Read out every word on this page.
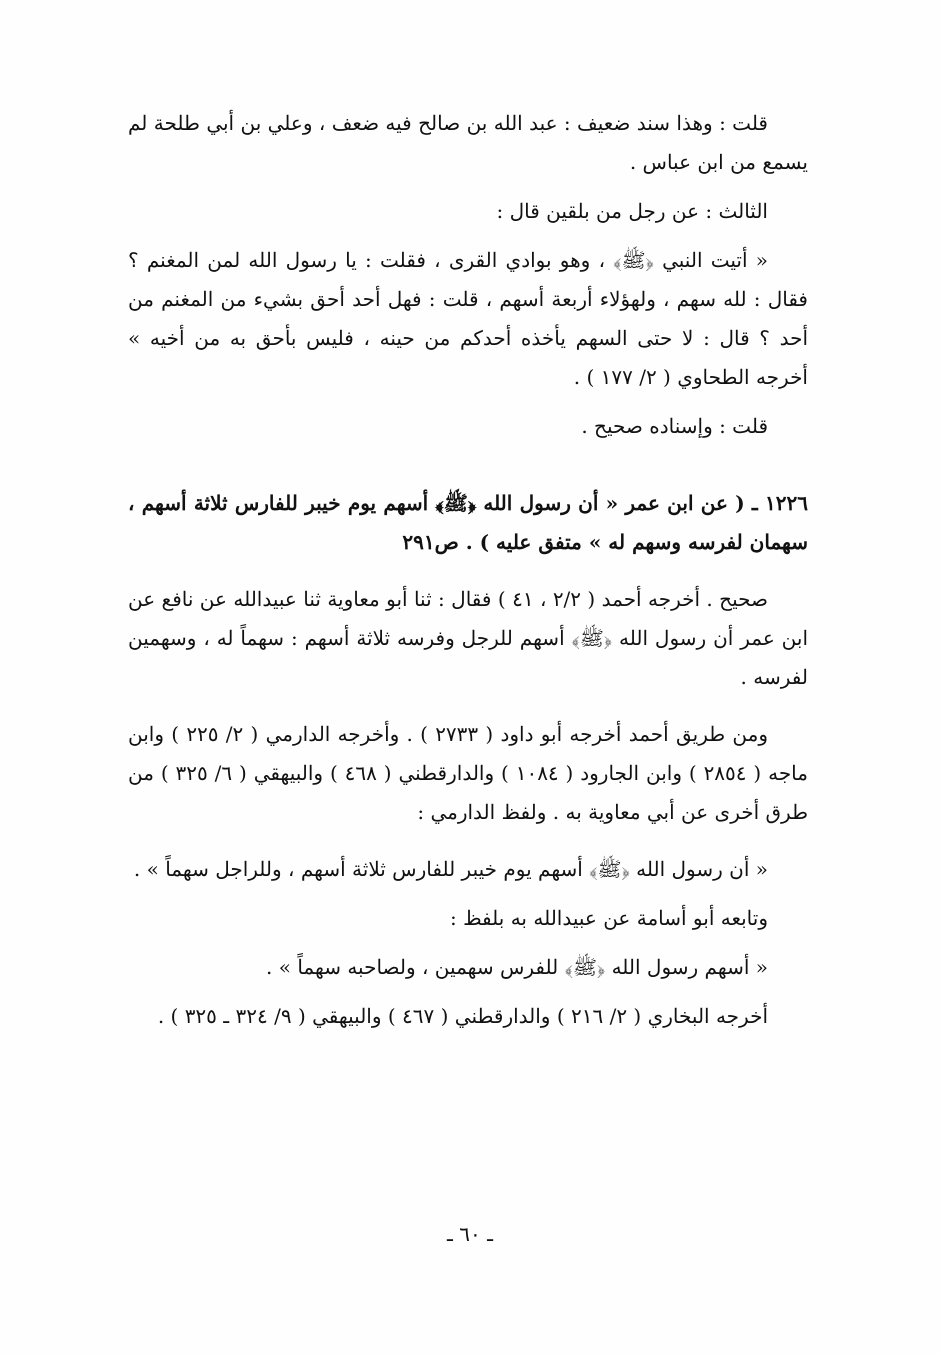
قلت : وهذا سند ضعيف : عبد الله بن صالح فيه ضعف ، وعلي بن أبي طلحة لم يسمع من ابن عباس .

الثالث : عن رجل من بلقين قال :

« أتيت النبي ﴿ﷺ﴾ ، وهو بوادي القرى ، فقلت : يا رسول الله لمن المغنم ؟ فقال : لله سهم ، ولهؤلاء أربعة أسهم ، قلت : فهل أحد أحق بشيء من المغنم من أحد ؟ قال : لا حتى السهم يأخذه أحدكم من حينه ، فليس بأحق به من أخيه » أخرجه الطحاوي ( ٢/ ١٧٧ ) .

قلت : وإسناده صحيح .

١٢٢٦ ـ ( عن ابن عمر « أن رسول الله ﴿ﷺ﴾ أسهم يوم خيبر للفارس ثلاثة أسهم ، سهمان لفرسه وسهم له » متفق عليه ) . ص٢٩١

صحيح . أخرجه أحمد ( ٢/٢ ، ٤١ ) فقال : ثنا أبو معاوية ثنا عبيدالله عن نافع عن ابن عمر أن رسول الله ﴿ﷺ﴾ أسهم للرجل وفرسه ثلاثة أسهم : سهماً له ، وسهمين لفرسه .

ومن طريق أحمد أخرجه أبو داود ( ٢٧٣٣ ) . وأخرجه الدارمي ( ٢/ ٢٢٥ ) وابن ماجه ( ٢٨٥٤ ) وابن الجارود ( ١٠٨٤ ) والدارقطني ( ٤٦٨ ) والبيهقي ( ٦/ ٣٢٥ ) من طرق أخرى عن أبي معاوية به . ولفظ الدارمي :

« أن رسول الله ﴿ﷺ﴾ أسهم يوم خيبر للفارس ثلاثة أسهم ، وللراجل سهماً » .

وتابعه أبو أسامة عن عبيدالله به بلفظ :

« أسهم رسول الله ﴿ﷺ﴾ للفرس سهمين ، ولصاحبه سهماً » .

أخرجه البخاري ( ٢/ ٢١٦ ) والدارقطني ( ٤٦٧ ) والبيهقي ( ٩/ ٣٢٤ ـ ٣٢٥ ) .

ـ ٦٠ ـ
